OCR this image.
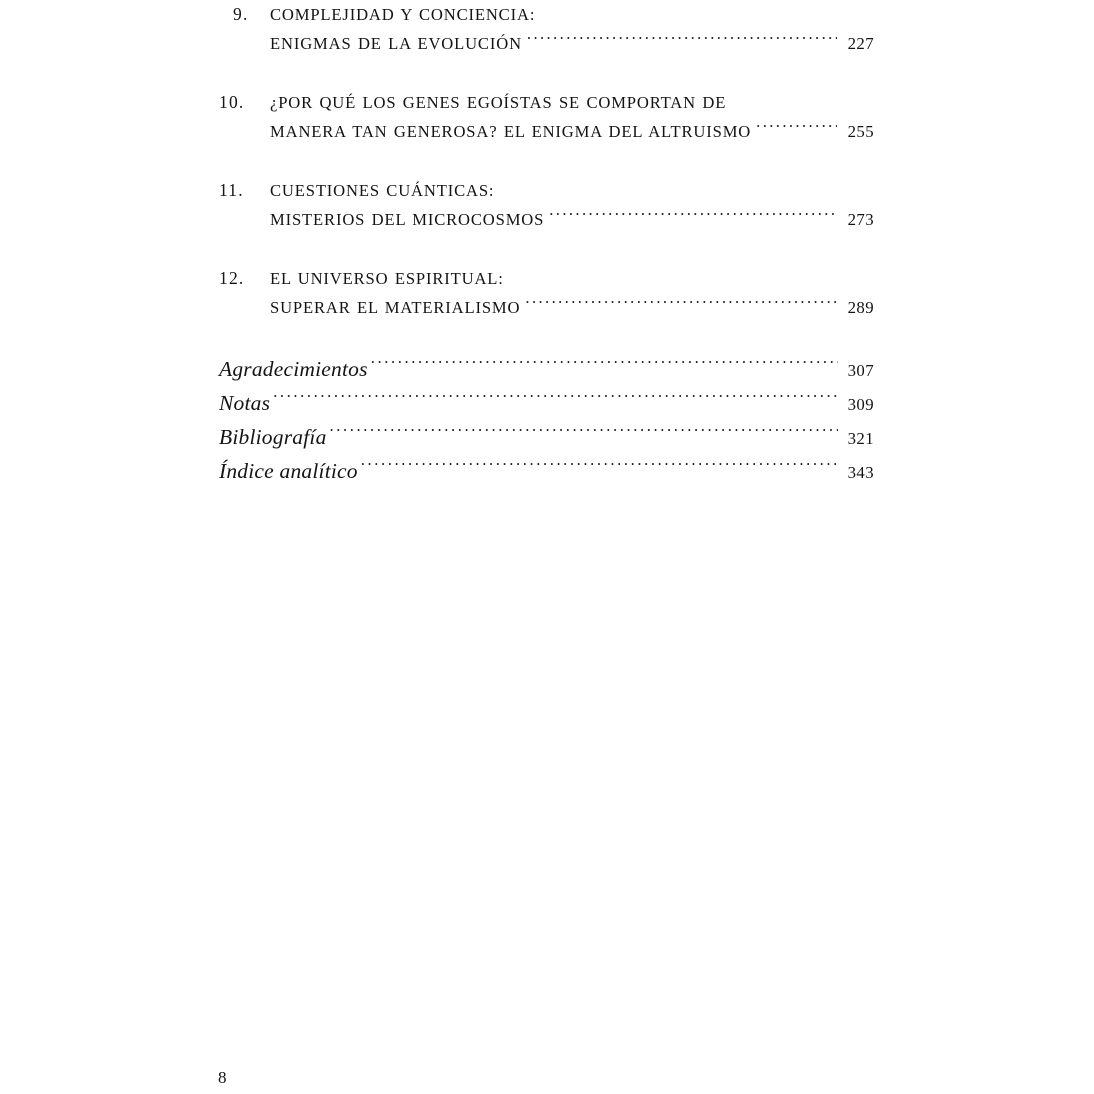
9.	COMPLEJIDAD Y CONCIENCIA:
ENIGMAS DE LA EVOLUCIÓN .....	227
10.	¿POR QUÉ LOS GENES EGOÍSTAS SE COMPORTAN DE
MANERA TAN GENEROSA? EL ENIGMA DEL ALTRUISMO .....	255
11.	CUESTIONES CUÁNTICAS:
MISTERIOS DEL MICROCOSMOS .....	273
12.	EL UNIVERSO ESPIRITUAL:
SUPERAR EL MATERIALISMO .....	289
Agradecimientos .....	307
Notas .....	309
Bibliografía .....	321
Índice analítico .....	343
8
